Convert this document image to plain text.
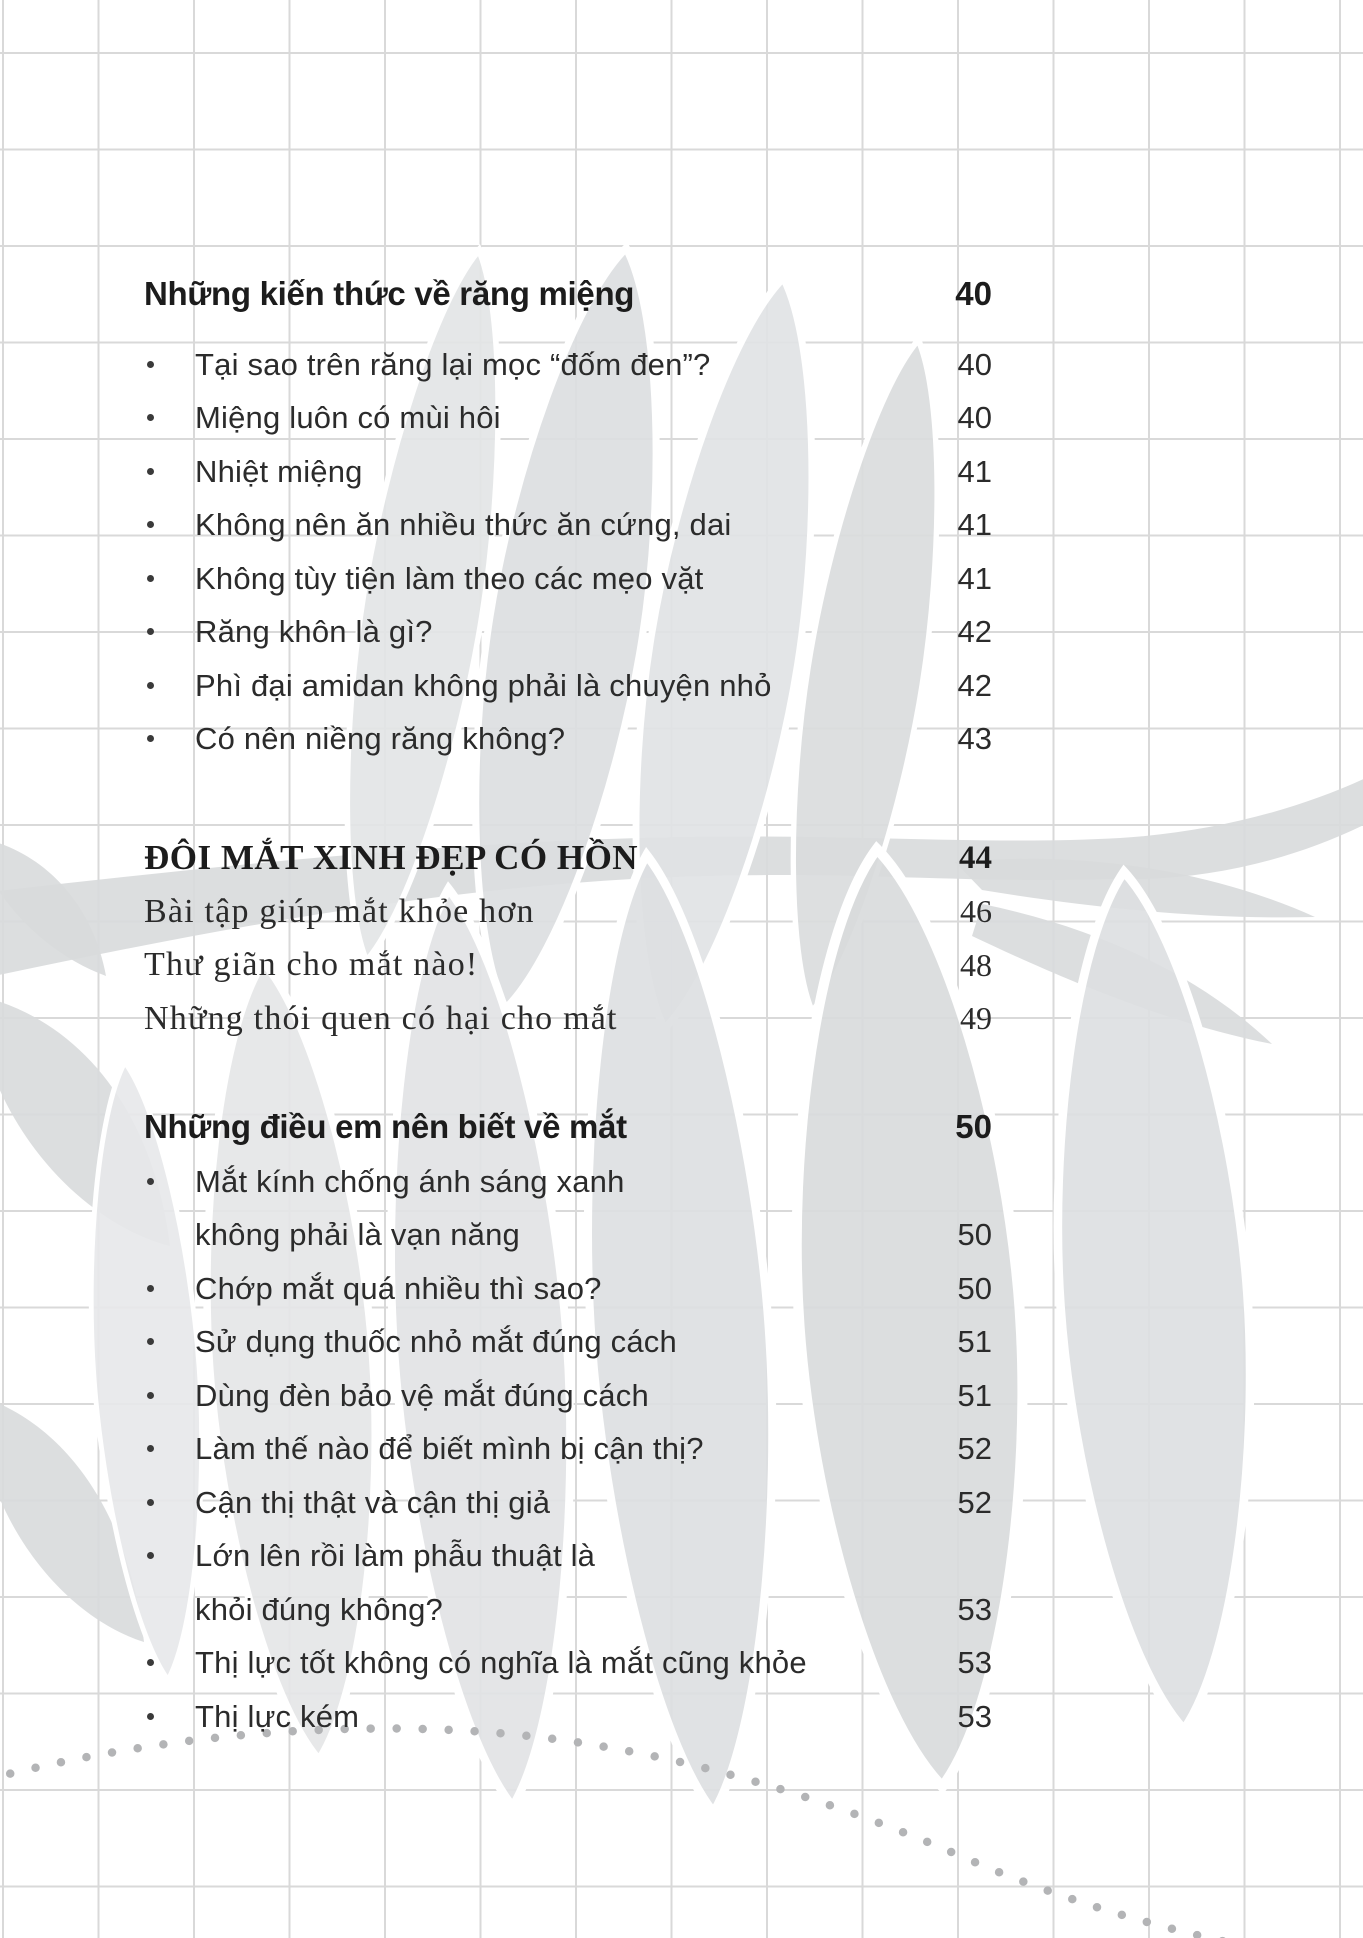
Những kiến thức về răng miệng	40
Tại sao trên răng lại mọc “đốm đen”?	40
Miệng luôn có mùi hôi	40
Nhiệt miệng	41
Không nên ăn nhiều thức ăn cứng, dai	41
Không tùy tiện làm theo các mẹo vặt	41
Răng khôn là gì?	42
Phì đại amidan không phải là chuyện nhỏ	42
Có nên niềng răng không?	43
ĐÔI MẮT XINH ĐẸP CÓ HỒN	44
Bài tập giúp mắt khỏe hơn	46
Thư giãn cho mắt nào!	48
Những thói quen có hại cho mắt	49
Những điều em nên biết về mắt	50
Mắt kính chống ánh sáng xanh
không phải là vạn năng	50
Chớp mắt quá nhiều thì sao?	50
Sử dụng thuốc nhỏ mắt đúng cách	51
Dùng đèn bảo vệ mắt đúng cách	51
Làm thế nào để biết mình bị cận thị?	52
Cận thị thật và cận thị giả	52
Lớn lên rồi làm phẫu thuật là
khỏi đúng không?	53
Thị lực tốt không có nghĩa là mắt cũng khỏe	53
Thị lực kém	53
